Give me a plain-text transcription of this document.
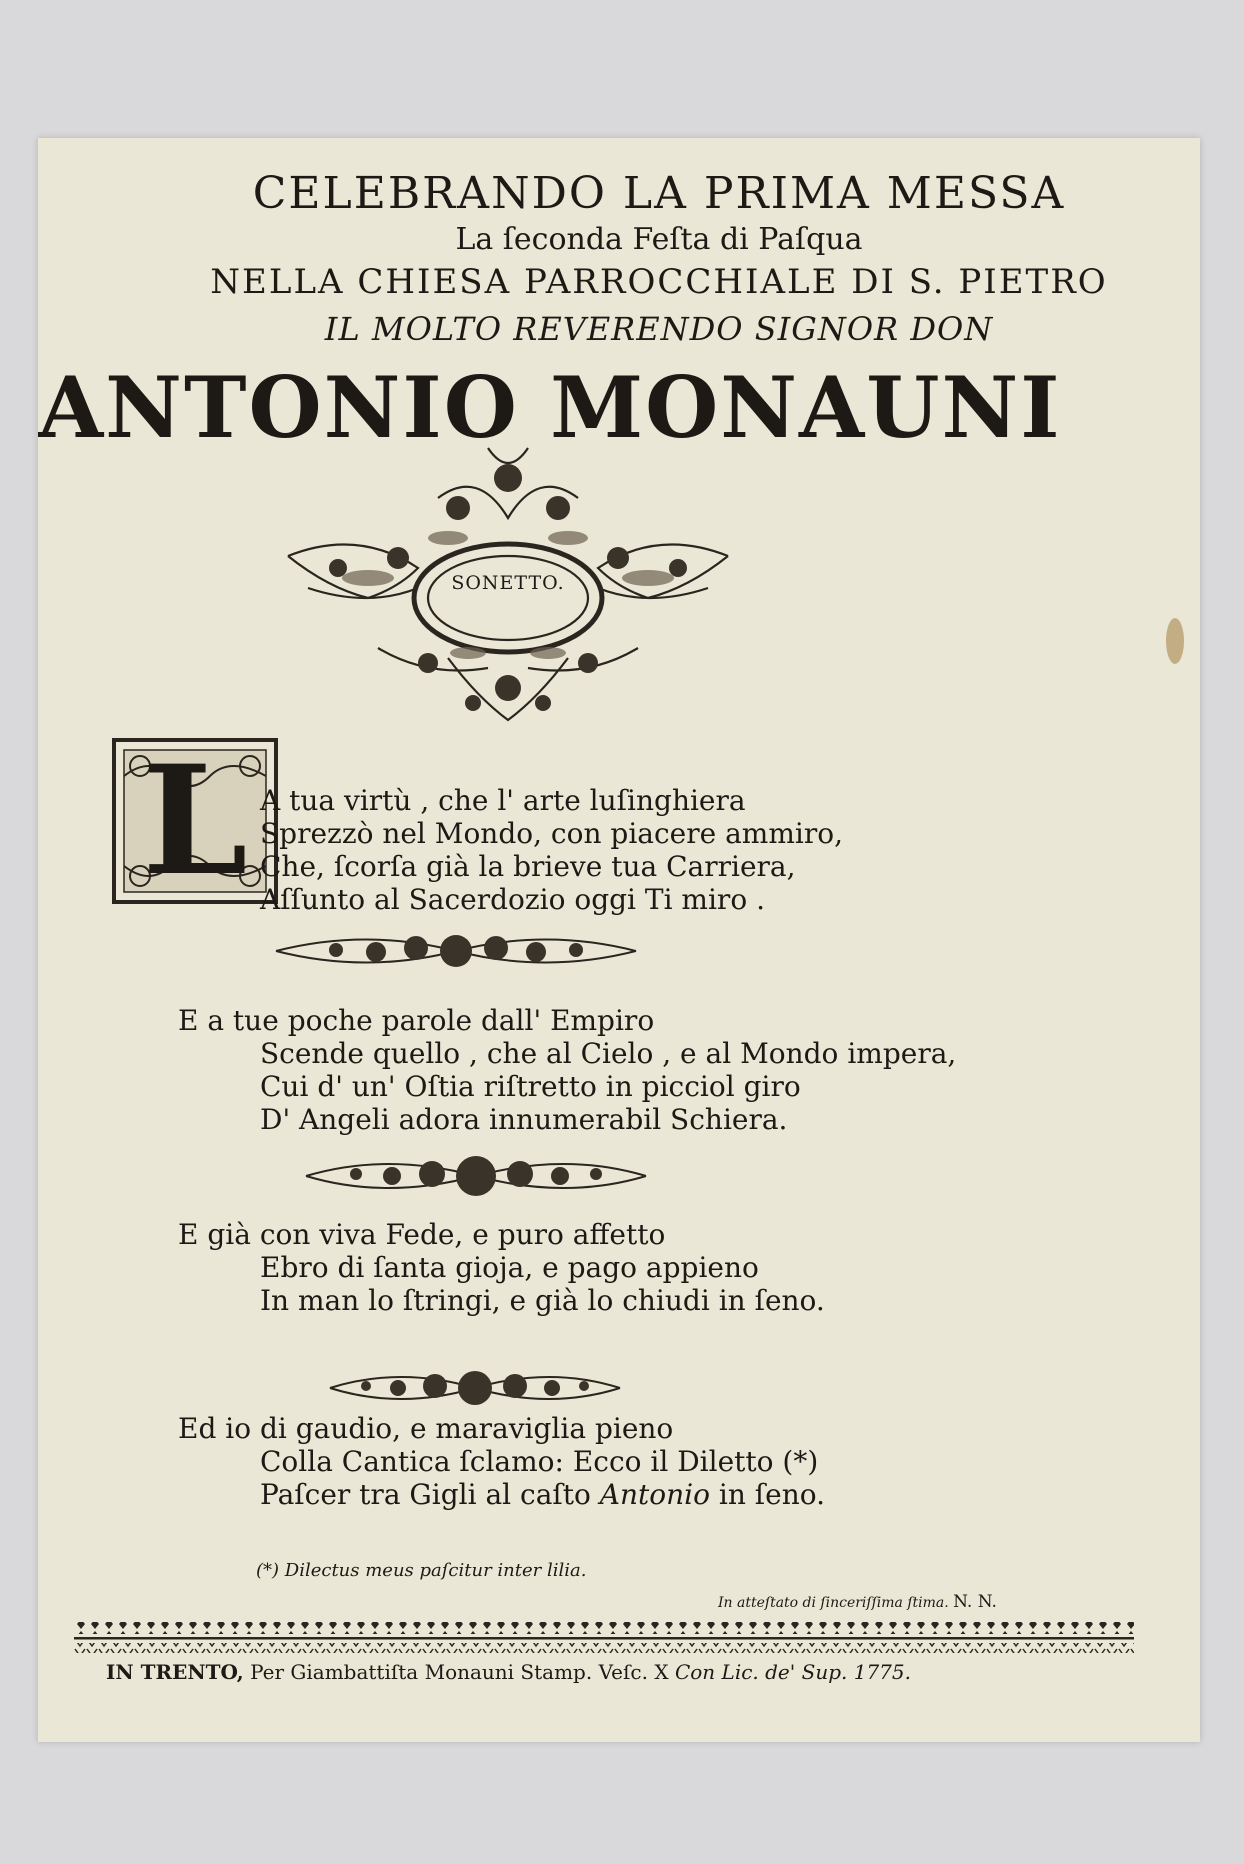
CELEBRANDO LA PRIMA MESSA
La ſeconda Feſta di Paſqua
NELLA CHIESA PARROCCHIALE DI S. PIETRO
IL MOLTO REVERENDO SIGNOR DON
ANTONIO MONAUNI
SONETTO.
L A tua virtù , che l' arte luſinghiera
Sprezzò nel Mondo, con piacere ammiro,
Che, ſcorſa già la brieve tua Carriera,
Aſſunto al Sacerdozio oggi Ti miro .
E a tue poche parole dall' Empiro
Scende quello , che al Cielo , e al Mondo impera,
Cui d' un' Oſtia riſtretto in picciol giro
D' Angeli adora innumerabil Schiera.
E già con viva Fede, e puro affetto
Ebro di ſanta gioja, e pago appieno
In man lo ſtringi, e già lo chiudi in ſeno.
Ed io di gaudio, e maraviglia pieno
Colla Cantica ſclamo: Ecco il Diletto (*)
Paſcer tra Gigli al caſto Antonio in ſeno.
(*) Dilectus meus paſcitur inter lilia.
In atteſtato di ſinceriſſima ſtima. N. N.
IN TRENTO, Per Giambattiſta Monauni Stamp. Veſc. X Con Lic. de' Sup. 1775.
